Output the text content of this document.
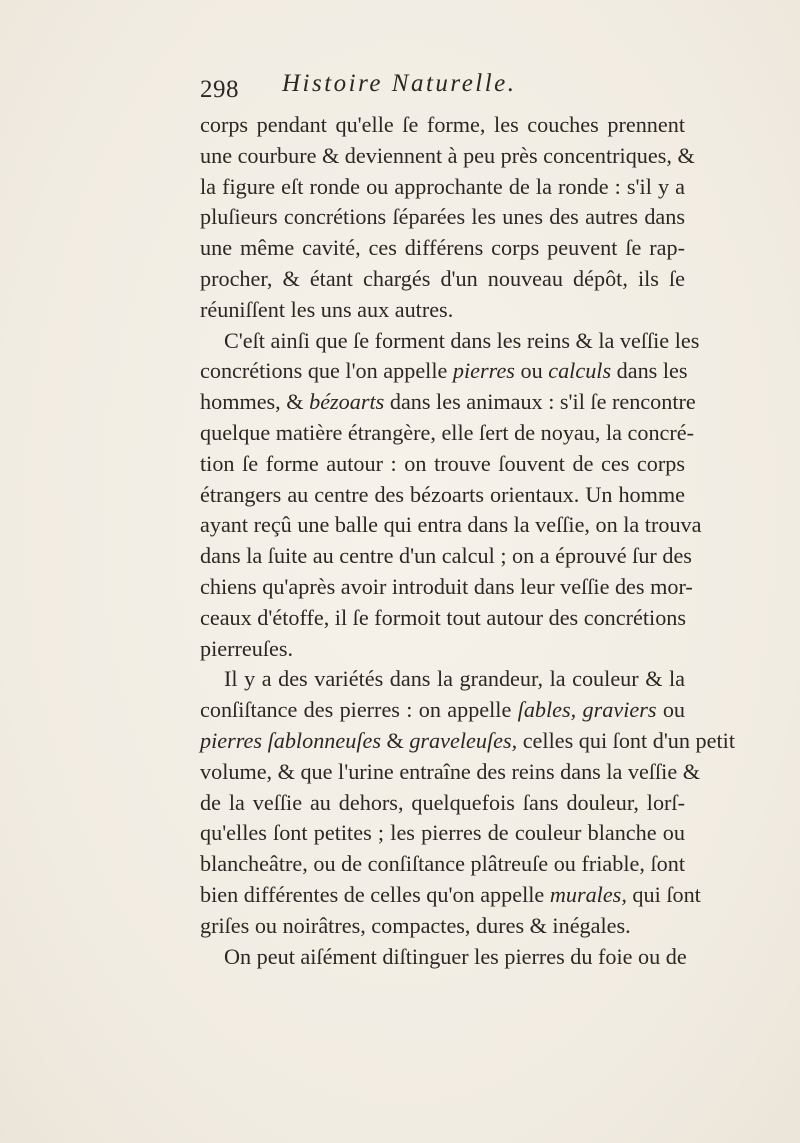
298 Histoire Naturelle.
corps pendant qu'elle ſe forme, les couches prennent
une courbure & deviennent à peu près concentriques, &
la figure eſt ronde ou approchante de la ronde : s'il y a
pluſieurs concrétions ſéparées les unes des autres dans
une même cavité, ces différens corps peuvent ſe rap-
procher, & étant chargés d'un nouveau dépôt, ils ſe
réuniſſent les uns aux autres.
C'eſt ainſi que ſe forment dans les reins & la veſſie les
concrétions que l'on appelle pierres ou calculs dans les
hommes, & bézoarts dans les animaux : s'il ſe rencontre
quelque matière étrangère, elle ſert de noyau, la concré-
tion ſe forme autour : on trouve ſouvent de ces corps
étrangers au centre des bézoarts orientaux. Un homme
ayant reçû une balle qui entra dans la veſſie, on la trouva
dans la ſuite au centre d'un calcul ; on a éprouvé ſur des
chiens qu'après avoir introduit dans leur veſſie des mor-
ceaux d'étoffe, il ſe formoit tout autour des concrétions
pierreuſes.
Il y a des variétés dans la grandeur, la couleur & la
conſiſtance des pierres : on appelle ſables, graviers ou
pierres ſablonneuſes & graveleuſes, celles qui ſont d'un petit
volume, & que l'urine entraîne des reins dans la veſſie &
de la veſſie au dehors, quelquefois ſans douleur, lorſ-
qu'elles ſont petites ; les pierres de couleur blanche ou
blancheâtre, ou de conſiſtance plâtreuſe ou friable, ſont
bien différentes de celles qu'on appelle murales, qui ſont
griſes ou noirâtres, compactes, dures & inégales.
On peut aiſément diſtinguer les pierres du foie ou de
